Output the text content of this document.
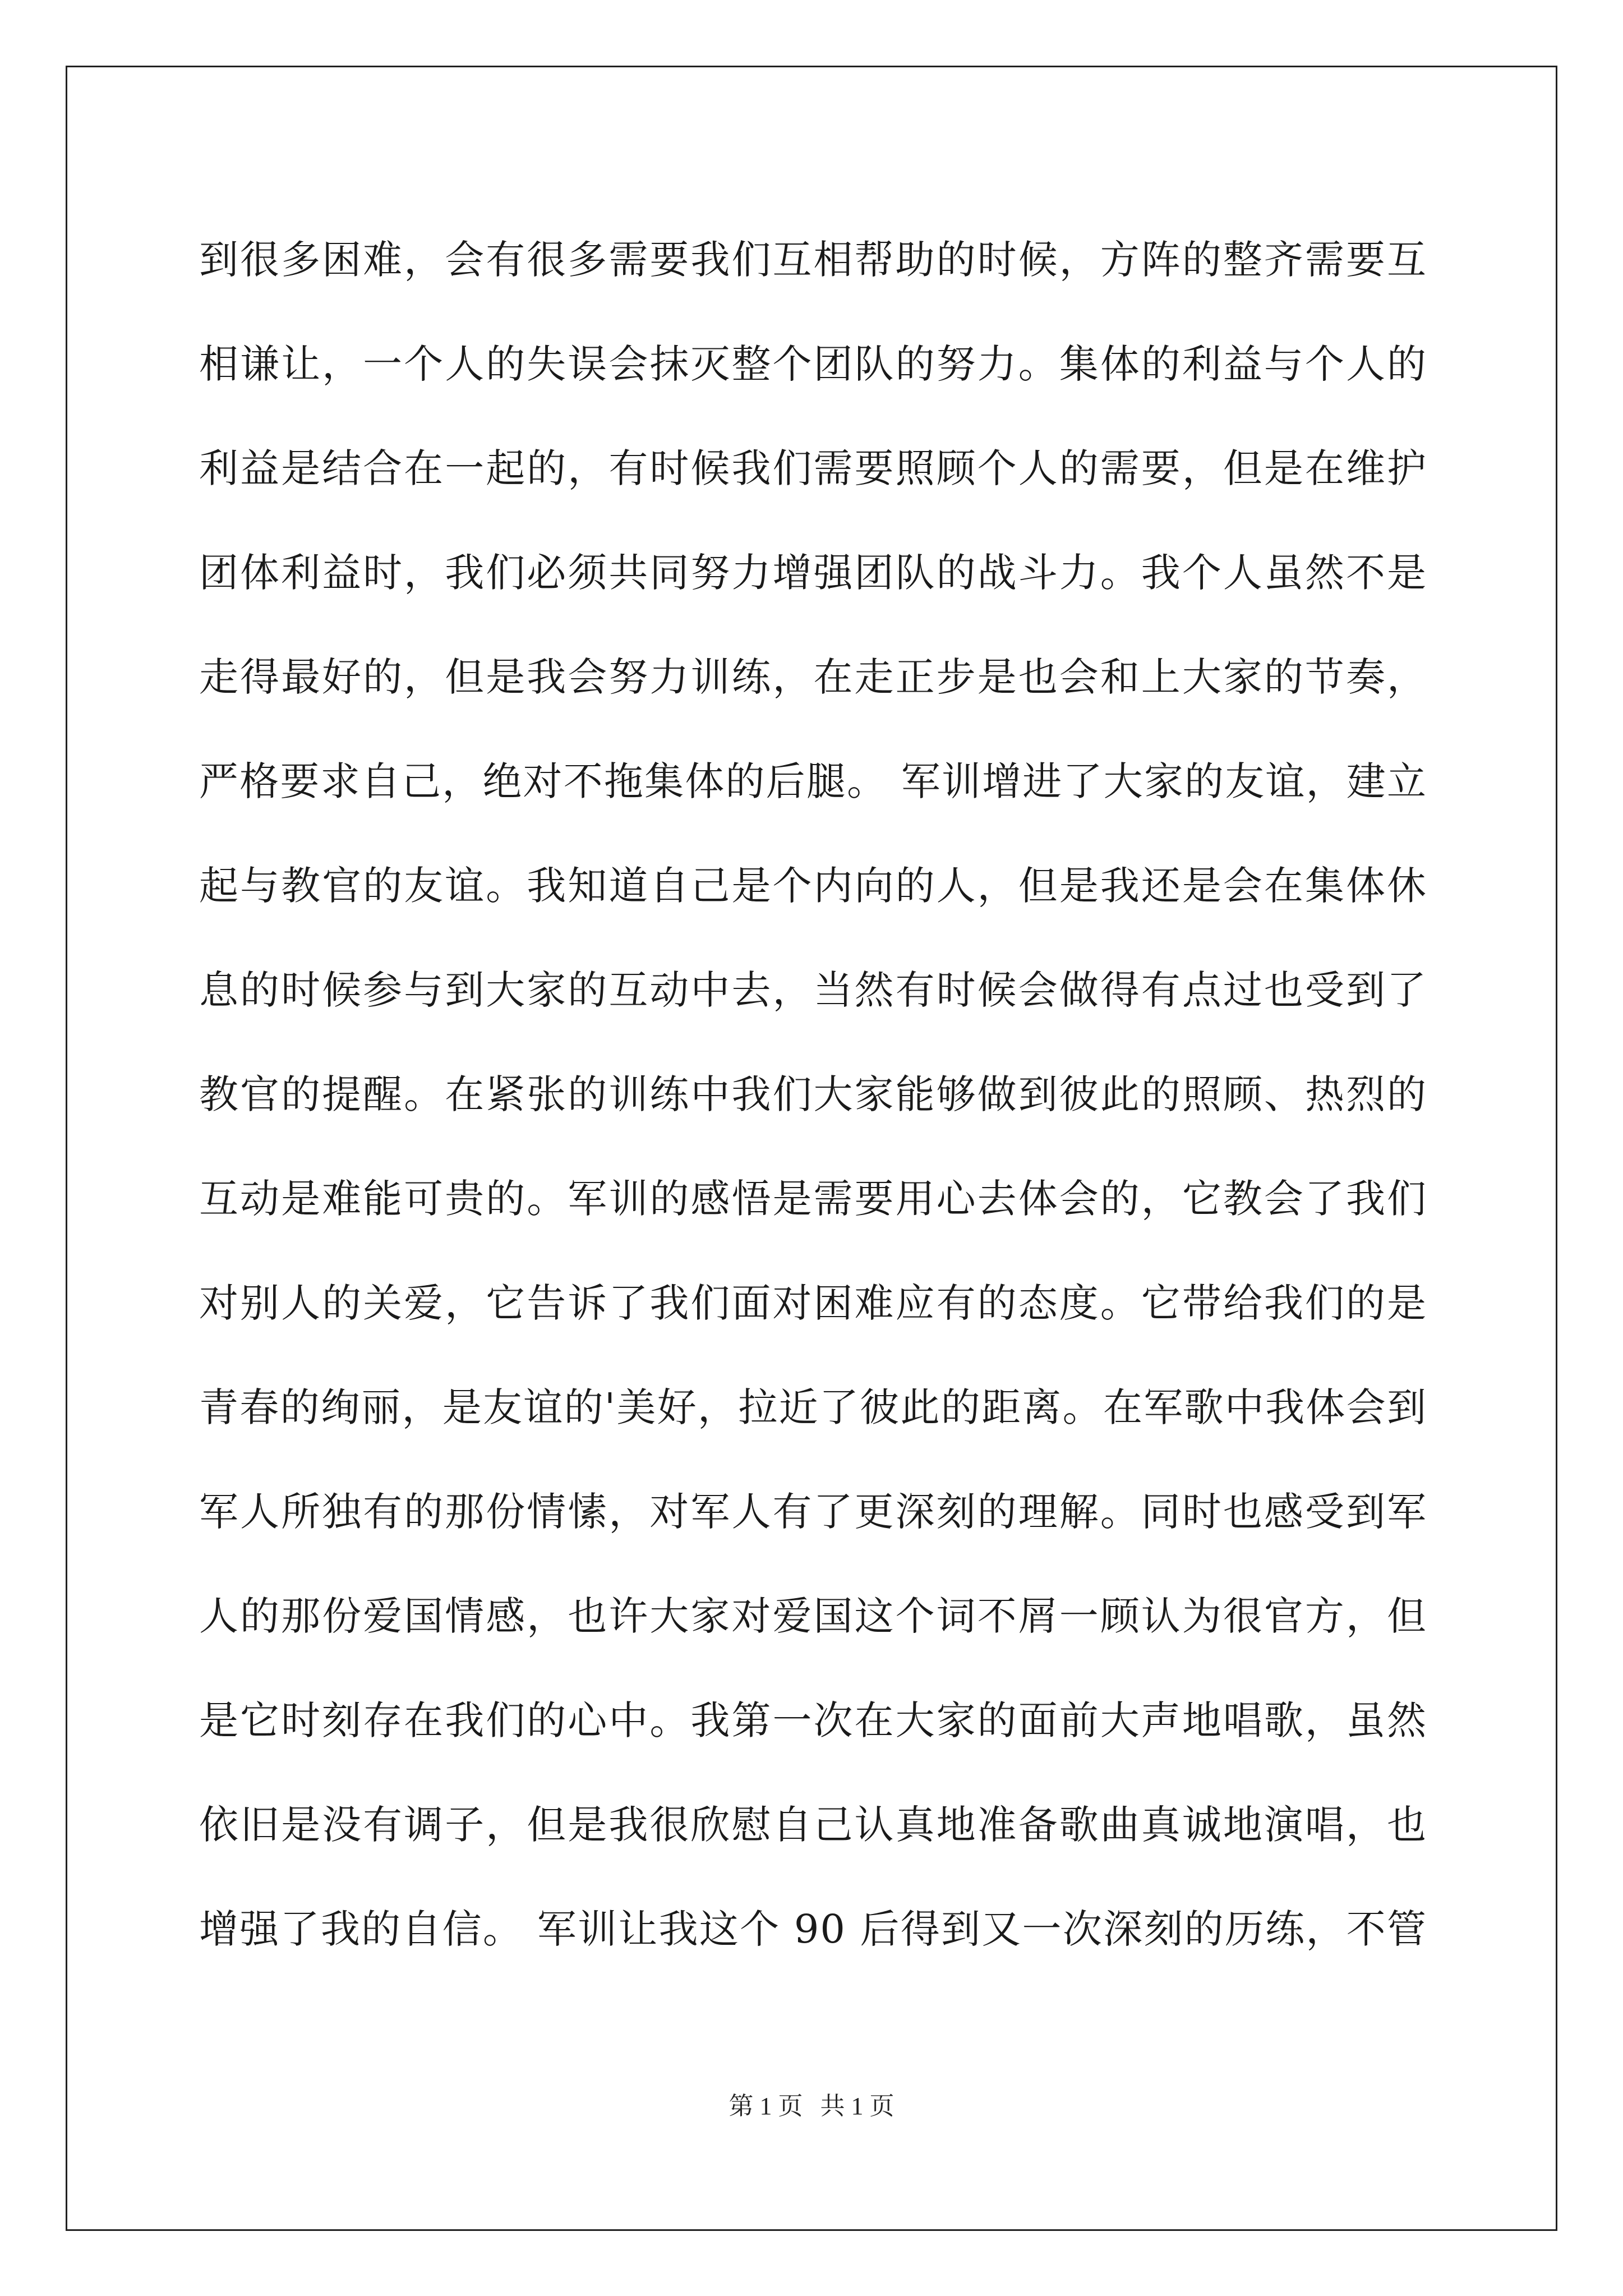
到很多困难，会有很多需要我们互相帮助的时候，方阵的整齐需要互
相谦让，一个人的失误会抹灭整个团队的努力。集体的利益与个人的
利益是结合在一起的，有时候我们需要照顾个人的需要，但是在维护
团体利益时，我们必须共同努力增强团队的战斗力。我个人虽然不是
走得最好的，但是我会努力训练，在走正步是也会和上大家的节奏，
严格要求自己，绝对不拖集体的后腿。 军训增进了大家的友谊，建立
起与教官的友谊。我知道自己是个内向的人，但是我还是会在集体休
息的时候参与到大家的互动中去，当然有时候会做得有点过也受到了
教官的提醒。在紧张的训练中我们大家能够做到彼此的照顾、热烈的
互动是难能可贵的。军训的感悟是需要用心去体会的，它教会了我们
对别人的关爱，它告诉了我们面对困难应有的态度。它带给我们的是
青春的绚丽，是友谊的'美好，拉近了彼此的距离。在军歌中我体会到
军人所独有的那份情愫，对军人有了更深刻的理解。同时也感受到军
人的那份爱国情感，也许大家对爱国这个词不屑一顾认为很官方，但
是它时刻存在我们的心中。我第一次在大家的面前大声地唱歌，虽然
依旧是没有调子，但是我很欣慰自己认真地准备歌曲真诚地演唱，也
增强了我的自信。 军训让我这个 90 后得到又一次深刻的历练，不管
第 1 页 共 1 页
